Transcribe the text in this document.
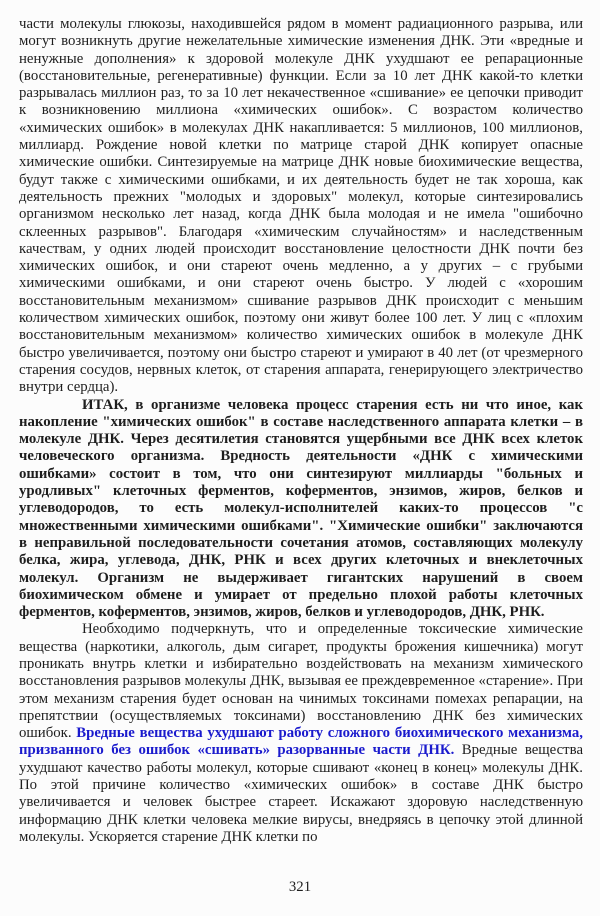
части молекулы глюкозы, находившейся рядом в момент радиационного разрыва, или могут возникнуть другие нежелательные химические изменения ДНК. Эти «вредные и ненужные дополнения» к здоровой молекуле ДНК ухудшают ее репарационные (восстановительные, регенеративные) функции. Если за 10 лет ДНК какой-то клетки разрывалась миллион раз, то за 10 лет некачественное «сшивание» ее цепочки приводит к возникновению миллиона «химических ошибок». С возрастом количество «химических ошибок» в молекулах ДНК накапливается: 5 миллионов, 100 миллионов, миллиард. Рождение новой клетки по матрице старой ДНК копирует опасные химические ошибки. Синтезируемые на матрице ДНК новые биохимические вещества, будут также с химическими ошибками, и их деятельность будет не так хороша, как деятельность прежних "молодых и здоровых" молекул, которые синтезировались организмом несколько лет назад, когда ДНК была молодая и не имела "ошибочно склеенных разрывов". Благодаря «химическим случайностям» и наследственным качествам, у одних людей происходит восстановление целостности ДНК почти без химических ошибок, и они стареют очень медленно, а у других – с грубыми химическими ошибками, и они стареют очень быстро. У людей с «хорошим восстановительным механизмом» сшивание разрывов ДНК происходит с меньшим количеством химических ошибок, поэтому они живут более 100 лет. У лиц с «плохим восстановительным механизмом» количество химических ошибок в молекуле ДНК быстро увеличивается, поэтому они быстро стареют и умирают в 40 лет (от чрезмерного старения сосудов, нервных клеток, от старения аппарата, генерирующего электричество внутри сердца).

ИТАК, в организме человека процесс старения есть ни что иное, как накопление "химических ошибок" в составе наследственного аппарата клетки – в молекуле ДНК. Через десятилетия становятся ущербными все ДНК всех клеток человеческого организма. Вредность деятельности «ДНК с химическими ошибками» состоит в том, что они синтезируют миллиарды "больных и уродливых" клеточных ферментов, коферментов, энзимов, жиров, белков и углеводородов, то есть молекул-исполнителей каких-то процессов "с множественными химическими ошибками". "Химические ошибки" заключаются в неправильной последовательности сочетания атомов, составляющих молекулу белка, жира, углевода, ДНК, РНК и всех других клеточных и внеклеточных молекул. Организм не выдерживает гигантских нарушений в своем биохимическом обмене и умирает от предельно плохой работы клеточных ферментов, коферментов, энзимов, жиров, белков и углеводородов, ДНК, РНК.

Необходимо подчеркнуть, что и определенные токсические химические вещества (наркотики, алкоголь, дым сигарет, продукты брожения кишечника) могут проникать внутрь клетки и избирательно воздействовать на механизм химического восстановления разрывов молекулы ДНК, вызывая ее преждевременное «старение». При этом механизм старения будет основан на чинимых токсинами помехах репарации, на препятствии (осуществляемых токсинами) восстановлению ДНК без химических ошибок. Вредные вещества ухудшают работу сложного биохимического механизма, призванного без ошибок «сшивать» разорванные части ДНК. Вредные вещества ухудшают качество работы молекул, которые сшивают «конец в конец» молекулы ДНК. По этой причине количество «химических ошибок» в составе ДНК быстро увеличивается и человек быстрее стареет. Искажают здоровую наследственную информацию ДНК клетки человека мелкие вирусы, внедряясь в цепочку этой длинной молекулы. Ускоряется старение ДНК клетки по

321
